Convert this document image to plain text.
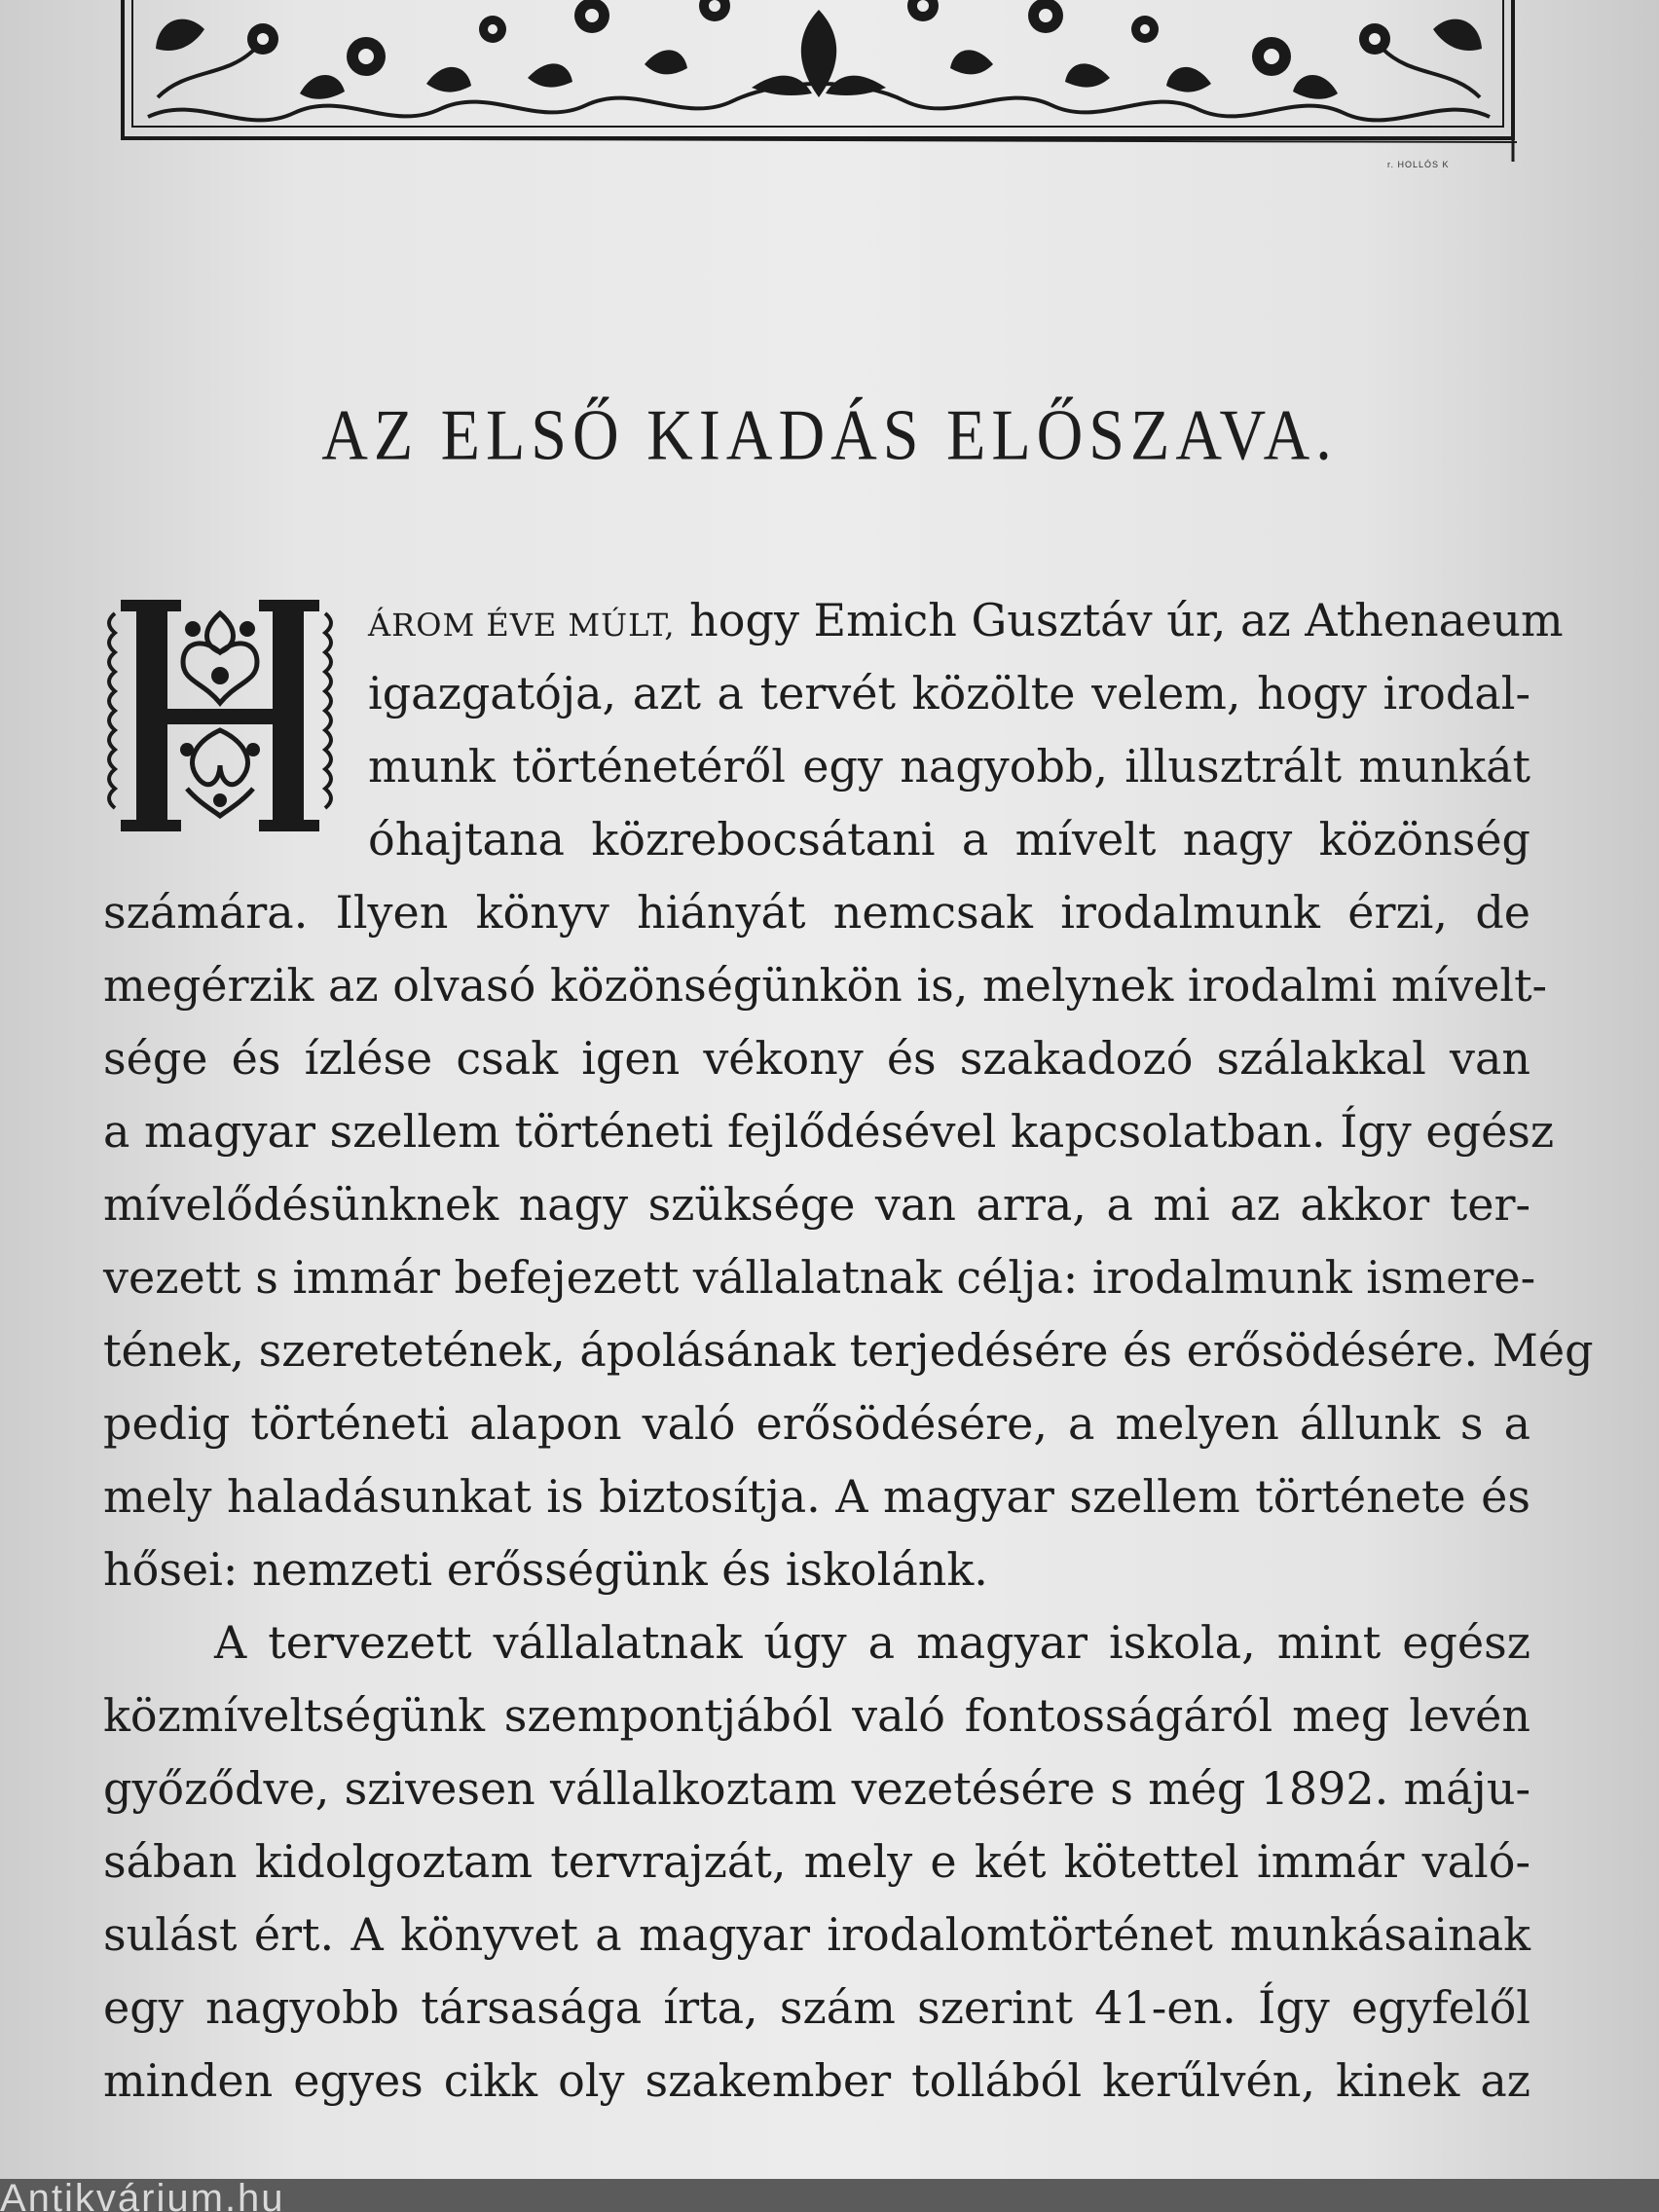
r. HOLLÓS K
AZ ELSŐ KIADÁS ELŐSZAVA.
H

ÁROM ÉVE MÚLT, hogy Emich Gusztáv úr, az Athenaeum

igazgatója, azt a tervét közölte velem, hogy irodal-

munk történetéről egy nagyobb, illusztrált munkát

óhajtana közrebocsátani a mívelt nagy közönség

számára. Ilyen könyv hiányát nemcsak irodalmunk érzi, de

megérzik az olvasó közönségünkön is, melynek irodalmi mívelt-

sége és ízlése csak igen vékony és szakadozó szálakkal van

a magyar szellem történeti fejlődésével kapcsolatban. Így egész

mívelődésünknek nagy szüksége van arra, a mi az akkor ter-

vezett s immár befejezett vállalatnak célja: irodalmunk ismere-

tének, szeretetének, ápolásának terjedésére és erősödésére. Még

pedig történeti alapon való erősödésére, a melyen állunk s a

mely haladásunkat is biztosítja. A magyar szellem története és

hősei: nemzeti erősségünk és iskolánk.

A tervezett vállalatnak úgy a magyar iskola, mint egész

közmíveltségünk szempontjából való fontosságáról meg levén

győződve, szivesen vállalkoztam vezetésére s még 1892. máju-

sában kidolgoztam tervrajzát, mely e két kötettel immár való-

sulást ért. A könyvet a magyar irodalomtörténet munkásainak

egy nagyobb társasága írta, szám szerint 41-en. Így egyfelől

minden egyes cikk oly szakember tollából kerűlvén, kinek az

Antikvárium.hu
